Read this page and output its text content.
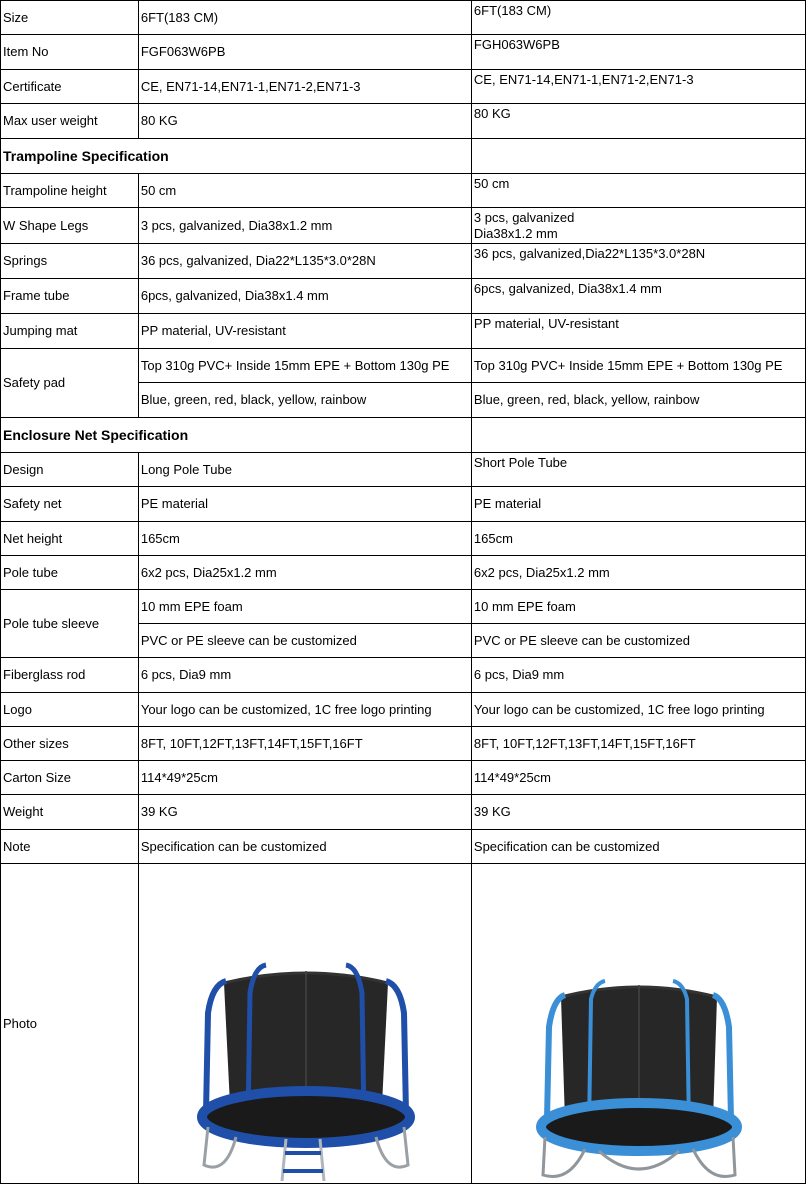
Size	6FT(183 CM)	6FT(183 CM)
Item No	FGF063W6PB	FGH063W6PB
Certificate	CE, EN71-14,EN71-1,EN71-2,EN71-3	CE, EN71-14,EN71-1,EN71-2,EN71-3
Max user weight	80 KG	80 KG
Trampoline Specification		
Trampoline height	50 cm	50 cm
W Shape Legs	3 pcs, galvanized, Dia38x1.2 mm	3 pcs, galvanized
Dia38x1.2 mm
Springs	36 pcs, galvanized, Dia22*L135*3.0*28N	36 pcs, galvanized,Dia22*L135*3.0*28N
Frame tube	6pcs, galvanized, Dia38x1.4 mm	6pcs, galvanized, Dia38x1.4 mm
Jumping mat	PP material, UV-resistant	PP material, UV-resistant
Safety pad	Top 310g PVC+ Inside 15mm EPE + Bottom 130g PE	Top 310g PVC+ Inside 15mm EPE + Bottom 130g PE
	Blue, green, red, black, yellow, rainbow	Blue, green, red, black, yellow, rainbow
Enclosure Net Specification		
Design	Long Pole Tube	Short Pole Tube
Safety net	PE material	PE material
Net height	165cm	165cm
Pole tube	6x2 pcs, Dia25x1.2 mm	6x2 pcs, Dia25x1.2 mm
Pole tube sleeve	10 mm EPE foam	10 mm EPE foam
	PVC or PE sleeve can be customized	PVC or PE sleeve can be customized
Fiberglass rod	6 pcs, Dia9 mm	6 pcs, Dia9 mm
Logo	Your logo can be customized, 1C free logo printing	Your logo can be customized, 1C free logo printing
Other sizes	8FT, 10FT,12FT,13FT,14FT,15FT,16FT	8FT, 10FT,12FT,13FT,14FT,15FT,16FT
Carton Size	114*49*25cm	114*49*25cm
Weight	39 KG	39 KG
Note	Specification can be customized	Specification can be customized
Photo	
